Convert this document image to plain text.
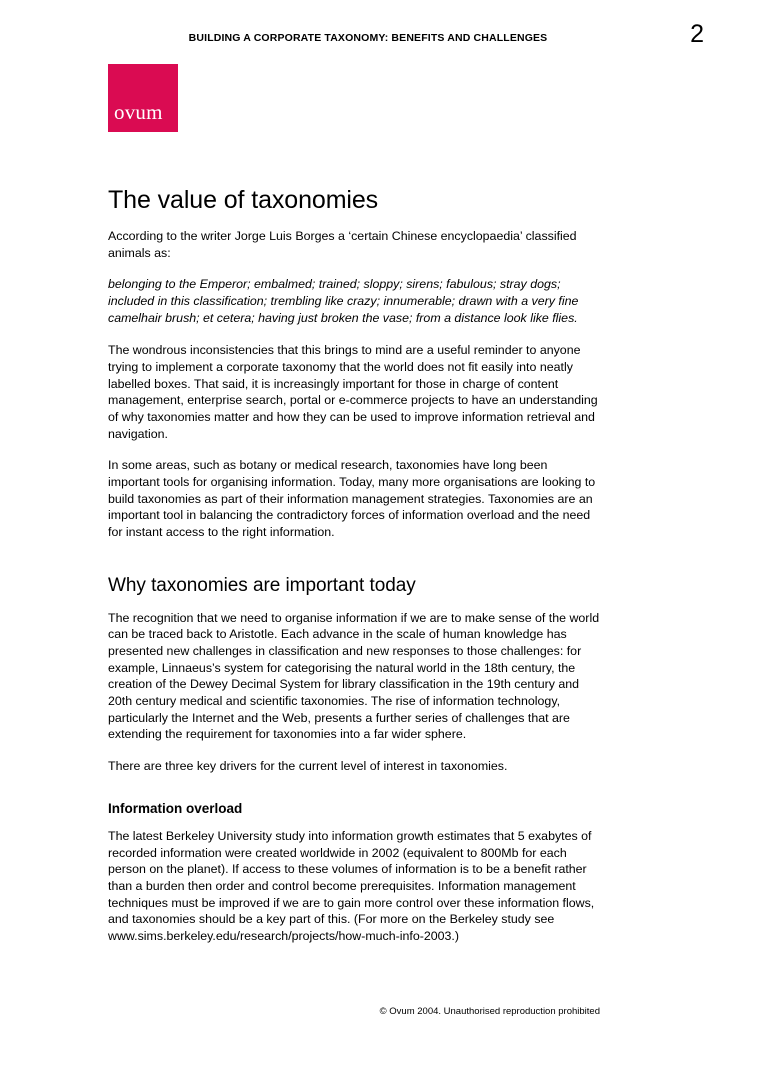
BUILDING A CORPORATE TAXONOMY: BENEFITS AND CHALLENGES	2
ovum
The value of taxonomies

According to the writer Jorge Luis Borges a ‘certain Chinese encyclopaedia’ classified animals as:

belonging to the Emperor; embalmed; trained; sloppy; sirens; fabulous; stray dogs; included in this classification; trembling like crazy; innumerable; drawn with a very fine camelhair brush; et cetera; having just broken the vase; from a distance look like flies.

The wondrous inconsistencies that this brings to mind are a useful reminder to anyone trying to implement a corporate taxonomy that the world does not fit easily into neatly labelled boxes. That said, it is increasingly important for those in charge of content management, enterprise search, portal or e-commerce projects to have an understanding of why taxonomies matter and how they can be used to improve information retrieval and navigation.

In some areas, such as botany or medical research, taxonomies have long been important tools for organising information. Today, many more organisations are looking to build taxonomies as part of their information management strategies. Taxonomies are an important tool in balancing the contradictory forces of information overload and the need for instant access to the right information.

Why taxonomies are important today

The recognition that we need to organise information if we are to make sense of the world can be traced back to Aristotle. Each advance in the scale of human knowledge has presented new challenges in classification and new responses to those challenges: for example, Linnaeus’s system for categorising the natural world in the 18th century, the creation of the Dewey Decimal System for library classification in the 19th century and 20th century medical and scientific taxonomies. The rise of information technology, particularly the Internet and the Web, presents a further series of challenges that are extending the requirement for taxonomies into a far wider sphere.

There are three key drivers for the current level of interest in taxonomies.

Information overload

The latest Berkeley University study into information growth estimates that 5 exabytes of recorded information were created worldwide in 2002 (equivalent to 800Mb for each person on the planet). If access to these volumes of information is to be a benefit rather than a burden then order and control become prerequisites. Information management techniques must be improved if we are to gain more control over these information flows, and taxonomies should be a key part of this. (For more on the Berkeley study see www.sims.berkeley.edu/research/projects/how-much-info-2003.)

© Ovum 2004. Unauthorised reproduction prohibited
